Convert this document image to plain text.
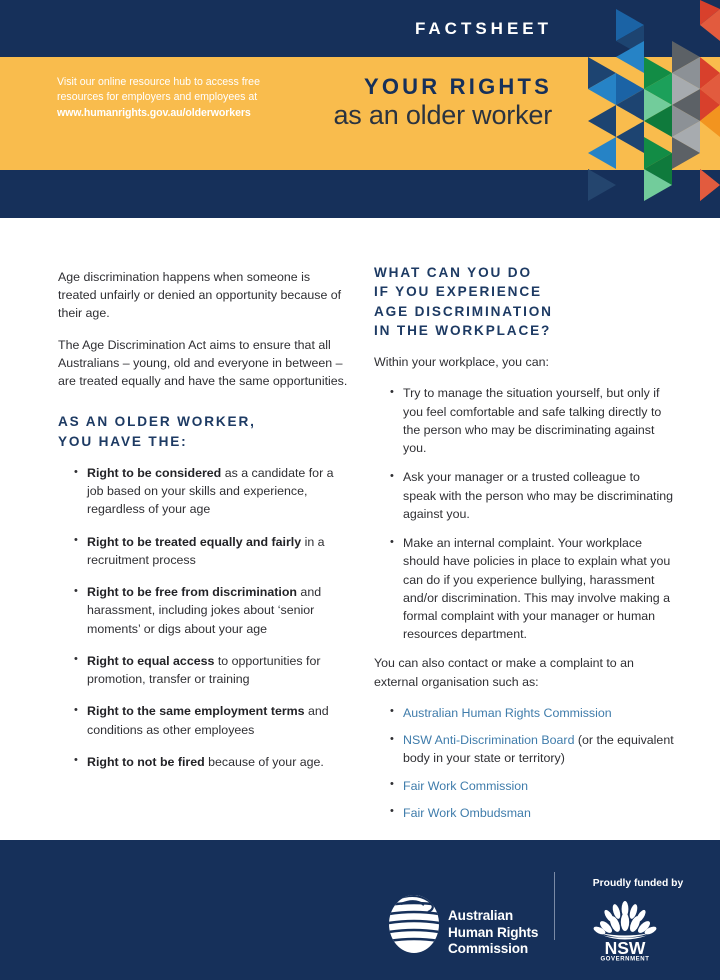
FACTSHEET
YOUR RIGHTS
as an older worker

Age discrimination happens when someone is treated unfairly or denied an opportunity because of their age.

The Age Discrimination Act aims to ensure that all Australians – young, old and everyone in between – are treated equally and have the same opportunities.

AS AN OLDER WORKER,
YOU HAVE THE:
• Right to be considered as a candidate for a job based on your skills and experience, regardless of your age
• Right to be treated equally and fairly in a recruitment process
• Right to be free from discrimination and harassment, including jokes about ‘senior moments’ or digs about your age
• Right to equal access to opportunities for promotion, transfer or training
• Right to the same employment terms and conditions as other employees
• Right to not be fired because of your age.
WHAT CAN YOU DO
IF YOU EXPERIENCE
AGE DISCRIMINATION
IN THE WORKPLACE?

Within your workplace, you can:

• Try to manage the situation yourself, but only if you feel comfortable and safe talking directly to the person who may be discriminating against you.
• Ask your manager or a trusted colleague to speak with the person who may be discriminating against you.
• Make an internal complaint. Your workplace should have policies in place to explain what you can do if you experience bullying, harassment and/or discrimination. This may involve making a formal complaint with your manager or human resources department.

You can also contact or make a complaint to an external organisation such as:

• Australian Human Rights Commission
• NSW Anti-Discrimination Board (or the equivalent body in your state or territory)
• Fair Work Commission
• Fair Work Ombudsman
Visit our online resource hub to access free
resources for employers and employees at
www.humanrights.gov.au/olderworkers
Australian
Human Rights
Commission
Proudly funded by
NSW
GOVERNMENT
